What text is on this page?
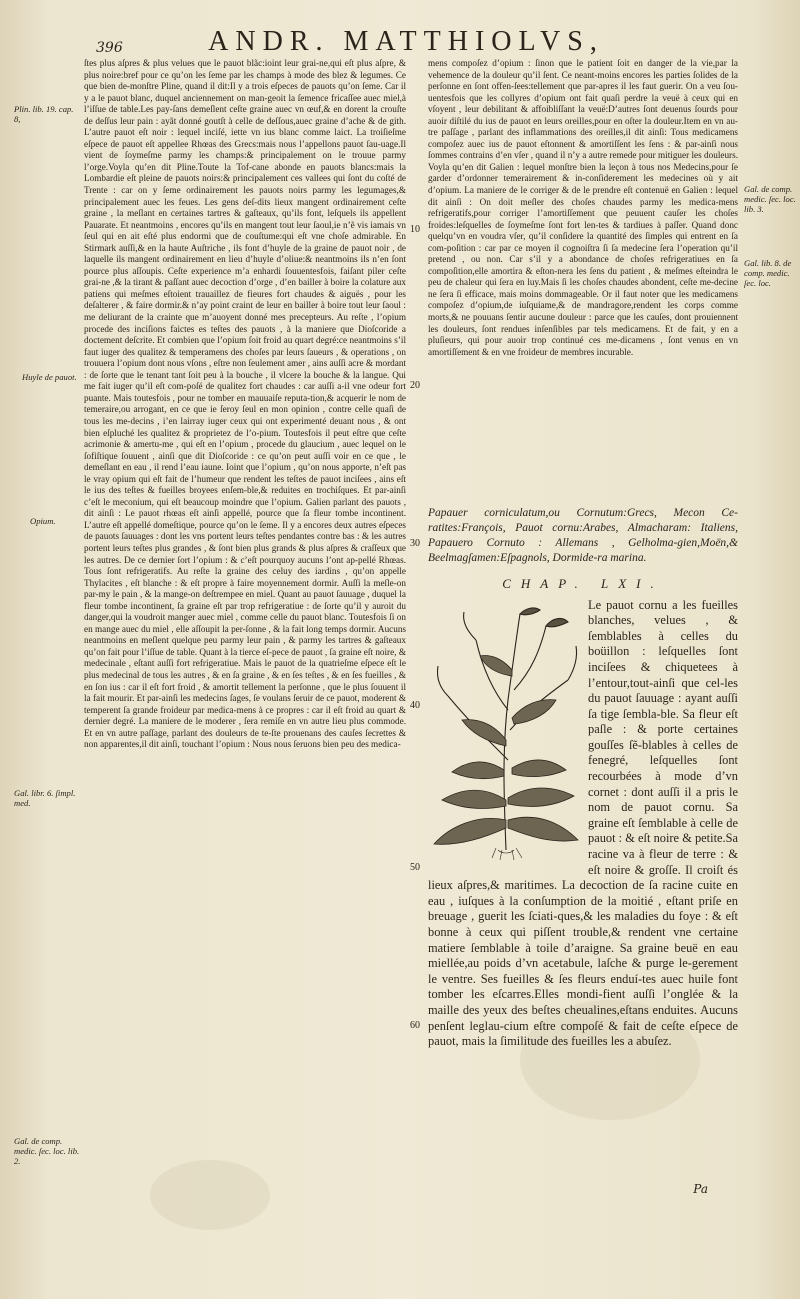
396	ANDR. MATTHIOLVS,
Plin. lib. 19. cap. 8,
Huyle de pauot.
Opium.
Gal. libr. 6. ſimpl. med.
Gal. de comp. medic. ſec. loc. lib. 2.
Gal. de comp. medic. ſec. loc. lib. 3.
Gal. lib. 8. de comp. medic. ſec. loc.
10
20
30
40
50
60

ſtes plus aſpres & plus velues que le pauot blãc:ioint leur grai-ne,qui eſt plus aſpre, & plus noire:bref pour ce qu’on les ſeme par les champs à mode des blez & legumes. Ce que bien de-monſtre Pline, quand il dit:Il y a trois eſpeces de pauots qu’on ſeme. Car il y a le pauot blanc, duquel anciennement on man-geoit la ſemence fricaſſee auec miel,à l’iſſue de table.Les pay-ſans demeſlent ceſte graine auec vn œuf,& en dorent la crouſte de deſſus leur pain : ayãt donné goutſt à celle de deſſous,auec graine d’ache & de gith. L’autre pauot eſt noir : lequel inciſé, iette vn ius blanc comme laict. La troiſieſme eſpece de pauot eſt appellee Rhœas des Grecs:mais nous l’appellons pauot ſau-uage.Il vient de ſoymeſme parmy les champs:& principalement on le trouue parmy l’orge.Voyla qu’en dit Pline.Toute la Tof-cane abonde en pauots blancs:mais la Lombardie eſt pleine de pauots noirs:& principalement ces vallees qui ſont du coſté de Trente : car on y ſeme ordinairement les pauots noirs parmy les legumages,& principalement auec les feues. Les gens deſ-dits lieux mangent ordinairement ceſte graine , la meſlant en certaines tartres & gaſteaux, qu’ils font, leſquels ils appellent Pauarate. Et neantmoins , encores qu’ils en mangent tout leur ſaoul,ie n’ẽ vis iamais vn ſeul qui en ait eſté plus endormi que de couſtume:qui eſt vne choſe admirable. En Stirmark auſſi,& en la haute Auſtriche , ils font d’huyle de la graine de pauot noir , de laquelle ils mangent ordinairement en lieu d’huyle d’oliue:& neantmoins ils n’en ſont pource plus aſſoupis. Ceſte experience m’a enhardi ſouuentesfois, faiſant piler ceſte grai-ne ,& la tirant & paſſant auec decoction d’orge , d’en bailler à boire la colature aux patiens qui meſmes eſtoient trauaillez de fieures fort chaudes & aiguës , pour les deſalterer , & faire dormir.& n’ay point craint de leur en bailler à boire tout leur ſaoul : me deliurant de la crainte que m’auoyent donné mes precepteurs. Au reſte , l’opium procede des inciſions faictes es teſtes des pauots , à la maniere que Dioſcoride a doctement deſcrite. Et combien que l’opium ſoit froid au quart degré:ce neantmoins s’il faut iuger des qualitez & temperamens des choſes par leurs ſaueurs , & operations , on trouuera l’opium dont nous vſons , eſtre non ſeulement amer , ains auſſi acre & mordant : de ſorte que le tenant tant ſoit peu à la bouche , il vlcere la bouche & la langue. Qui me fait iuger qu’il eſt com-poſé de qualitez fort chaudes : car auſſi a-il vne odeur fort puante. Mais toutesfois , pour ne tomber en mauuaiſe reputa-tion,& acquerir le nom de temeraire,ou arrogant, en ce que ie ſeroy ſeul en mon opinion , contre celle quaſi de tous les me-decins , i’en lairray iuger ceux qui ont experimenté deuant nous , & ont bien eſpluché les qualitez & proprietez de l’o-pium. Toutesfois il peut eſtre que ceſte acrimonie & amertu-me , qui eſt en l’opium , procede du glaucium , auec lequel on le ſofiſtique ſouuent , ainſi que dit Dioſcoride : ce qu’on peut auſſi voir en ce que , le demeſlant en eau , il rend l’eau iaune. Ioint que l’opium , qu’on nous apporte, n’eſt pas le vray opium qui eſt fait de l’humeur que rendent les teſtes de pauot inciſees , ains eſt le ius des teſtes & fueilles broyees enſem-ble,& reduites en trochiſques. Et par-ainſi c’eſt le meconium, qui eſt beaucoup moindre que l’opium. Galien parlant des pauots , dit ainſi : Le pauot rhœas eſt ainſi appellé, pource que ſa fleur tombe incontinent. L’autre eſt appellé domeſtique, pource qu’on le ſeme. Il y a encores deux autres eſpeces de pauots ſauuages : dont les vns portent leurs teſtes pendantes contre bas : & les autres portent leurs teſtes plus grandes , & ſont bien plus grands & plus aſpres & craſſeux que les autres. De ce dernier ſort l’opium : & c’eſt pourquoy aucuns l’ont ap-pellé Rhœas. Tous ſont refrigeratifs. Au reſte la graine des celuy des iardins , qu’on appelle Thylacites , eſt blanche : & eſt propre à faire moyennement dormir. Auſſi la meſle-on par-my le pain , & la mange-on deſtrempee en miel. Quant au pauot ſauuage , duquel la fleur tombe incontinent, ſa graine eſt par trop refrigeratiue : de ſorte qu’il y auroit du danger,qui la voudroit manger auec miel , comme celle du pauot blanc. Toutesfois ſi on en mange auec du miel , elle aſſoupit la per-ſonne , & la fait long temps dormir. Aucuns neantmoins en meſlent quelque peu parmy leur pain , & parmy les tartres & gaſteaux qu’on fait pour l’iſſue de table. Quant à la tierce eſ-pece de pauot , ſa graine eſt noire, & medecinale , eſtant auſſi fort refrigeratiue. Mais le pauot de la quatrieſme eſpece eſt le plus medecinal de tous les autres , & en ſa graine , & en ſes teſtes , & en ſes fueilles , & en ſon ius : car il eſt fort froid , & amortit tellement la perſonne , que le plus ſouuent il la fait mourir. Et par-ainſi les medecins ſages, ſe voulans ſeruir de ce pauot, moderent & temperent ſa grande froideur par medica-mens à ce propres : car il eſt froid au quart & dernier degré. La maniere de le moderer , ſera remiſe en vn autre lieu plus commode. Et en vn autre paſſage, parlant des douleurs de te-ſte prouenans des cauſes ſecrettes & non apparentes,il dit ainſi, touchant l’opium : Nous nous ſeruons bien peu des medica-

mens compoſez d’opium : ſinon que le patient ſoit en danger de la vie,par la vehemence de la douleur qu’il ſent. Ce neant-moins encores les parties ſolides de la perſonne en ſont offen-ſees:tellement que par-apres il les faut guerir. On a veu ſou-uentesfois que les collyres d’opium ont fait quaſi perdre la veuë à ceux qui en vſoyent , leur debilitant & affoibliſſant la veuë:D’autres ſont deuenus ſourds pour auoir diſtilé du ius de pauot en leurs oreilles,pour en oſter la douleur.Item en vn au-tre paſſage , parlant des inflammations des oreilles,il dit ainſi: Tous medicamens compoſez auec ius de pauot eſtonnent & amortiſſent les ſens : & par-ainſi nous ſommes contrains d’en vſer , quand il n’y a autre remede pour mitiguer les douleurs. Voyla qu’en dit Galien : lequel monſtre bien la leçon à tous nos Medecins,pour ſe garder d’ordonner temerairement & in-conſiderement les medecines où y ait d’opium. La maniere de le corriger & de le prendre eſt contenuë en Galien : lequel dit ainſi : On doit meſler des choſes chaudes parmy les medica-mens refrigeratifs,pour corriger l’amortiſſement que peuuent cauſer les choſes froides:leſquelles de ſoymeſme ſont fort len-tes & tardiues à paſſer. Quand donc quelqu’vn en voudra vſer, qu’il conſidere la quantité des ſimples qui entrent en ſa com-poſition : car par ce moyen il cognoiſtra ſi ſa medecine ſera l’operation qu’il pretend , ou non. Car s’il y a abondance de choſes refrigeratiues en ſa compoſition,elle amortira & eſton-nera les ſens du patient , & meſmes eſteindra le peu de chaleur qui ſera en luy.Mais ſi les choſes chaudes abondent, ceſte me-decine ne ſera ſi efficace, mais moins dommageable. Or il faut noter que les medicamens compoſez d’opium,de iuſquiame,& de mandragore,rendent les corps comme morts,& ne pouuans ſentir aucune douleur : parce que les cauſes, dont prouiennent les douleurs, ſont rendues inſenſibles par tels medicamens. Et de fait, y en a pluſieurs, qui pour auoir trop continué ces me-dicamens , ſont venus en vn amortiſſement & en vne froideur de membres incurable.

Papauer corniculatum,ou Cornutum:Grecs, Mecon Ce-ratites:François, Pauot cornu:Arabes, Almacharam: Italiens, Papauero Cornuto : Allemans , Gelholma-gien,Moën,& Beelmagſamen:Eſpagnols, Dormide-ra marina.
CHAP. LXI.
Le pauot cornu a les fueilles blanches, velues , & ſemblables à celles du boüillon : leſquelles ſont inciſees & chiquetees à l’entour,tout-ainſi que cel-les du pauot ſauuage : ayant auſſi ſa tige ſembla-ble. Sa fleur eſt paſle : & porte certaines gouſſes ſẽ-blables à celles de fenegré, leſquelles ſont recourbées à mode d’vn cornet : dont auſſi il a pris le nom de pauot cornu. Sa graine eſt ſemblable à celle de pauot : & eſt noire & petite.Sa racine va à fleur de terre : & eſt noire & groſſe. Il croiſt és lieux aſpres,& maritimes. La decoction de ſa racine cuite en eau , iuſques à la conſumption de la moitié , eſtant priſe en breuage , guerit les ſciati-ques,& les maladies du foye : & eſt bonne à ceux qui piſſent trouble,& rendent vne certaine matiere ſemblable à toile d’araigne. Sa graine beuë en eau miellée,au poids d’vn acetabule, laſche & purge le-gerement le ventre. Ses fueilles & ſes fleurs enduí-tes auec huile font tomber les eſcarres.Elles mondi-fient auſſi l’onglée & la maille des yeux des beſtes cheualines,eſtans enduites. Aucuns penſent leglau-cium eſtre compoſé & fait de ceſte eſpece de pauot, mais la ſimilitude des fueilles les a abuſez.
Pa
